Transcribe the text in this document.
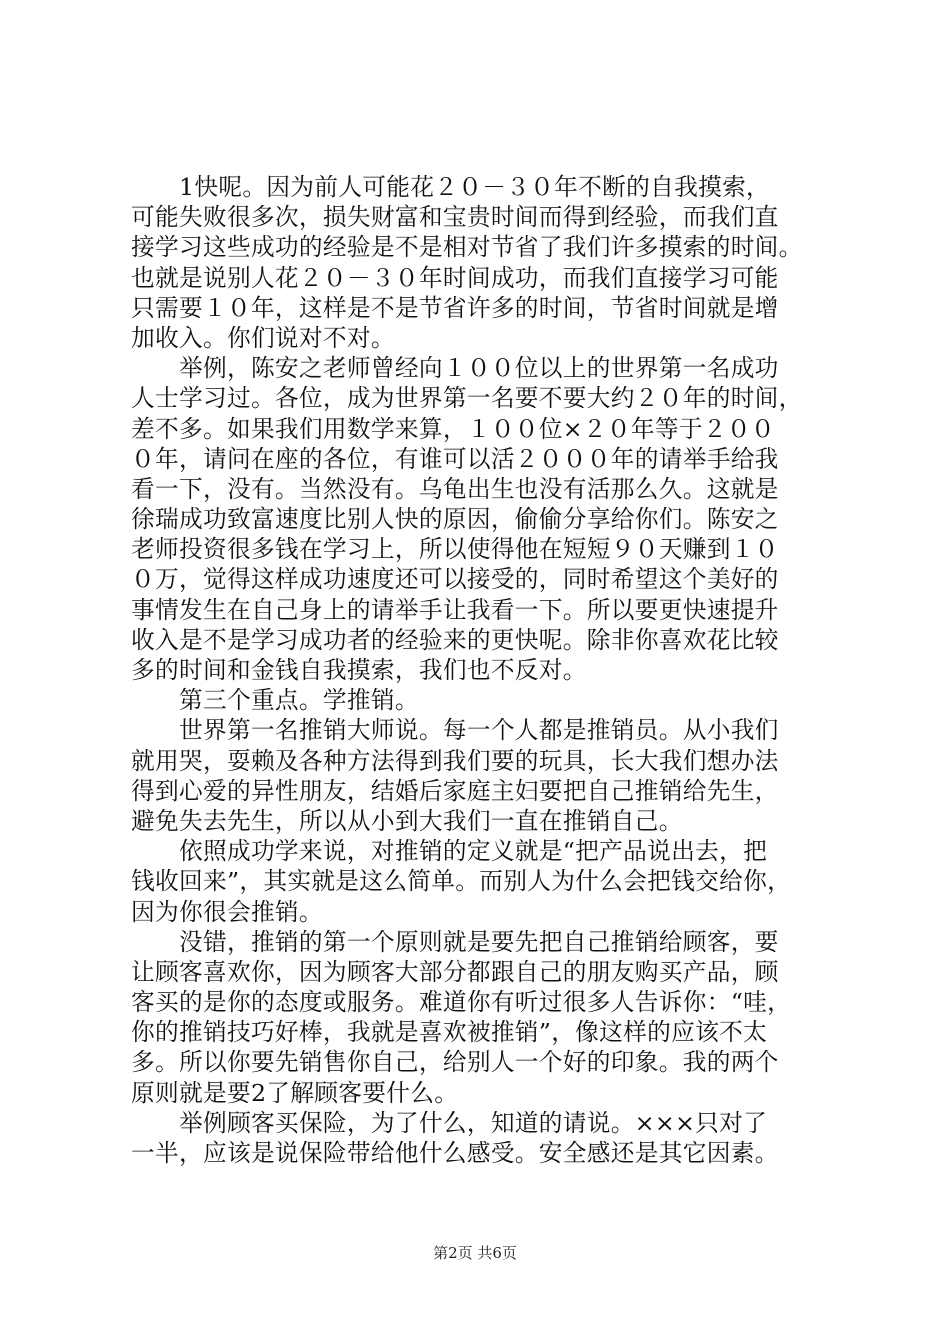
　　1快呢。因为前人可能花２０－３０年不断的自我摸索，
可能失败很多次，损失财富和宝贵时间而得到经验，而我们直
接学习这些成功的经验是不是相对节省了我们许多摸索的时间。
也就是说别人花２０－３０年时间成功，而我们直接学习可能
只需要１０年，这样是不是节省许多的时间，节省时间就是增
加收入。你们说对不对。
　　举例，陈安之老师曾经向１００位以上的世界第一名成功
人士学习过。各位，成为世界第一名要不要大约２０年的时间，
差不多。如果我们用数学来算，１００位×２０年等于２００
０年，请问在座的各位，有谁可以活２０００年的请举手给我
看一下，没有。当然没有。乌龟出生也没有活那么久。这就是
徐瑞成功致富速度比别人快的原因，偷偷分享给你们。陈安之
老师投资很多钱在学习上，所以使得他在短短９０天赚到１０
０万，觉得这样成功速度还可以接受的，同时希望这个美好的
事情发生在自己身上的请举手让我看一下。所以要更快速提升
收入是不是学习成功者的经验来的更快呢。除非你喜欢花比较
多的时间和金钱自我摸索，我们也不反对。
　　第三个重点。学推销。
　　世界第一名推销大师说。每一个人都是推销员。从小我们
就用哭，耍赖及各种方法得到我们要的玩具，长大我们想办法
得到心爱的异性朋友，结婚后家庭主妇要把自己推销给先生，
避免失去先生，所以从小到大我们一直在推销自己。
　　依照成功学来说，对推销的定义就是“把产品说出去，把
钱收回来”，其实就是这么简单。而别人为什么会把钱交给你，
因为你很会推销。
　　没错，推销的第一个原则就是要先把自己推销给顾客，要
让顾客喜欢你，因为顾客大部分都跟自己的朋友购买产品，顾
客买的是你的态度或服务。难道你有听过很多人告诉你：“哇，
你的推销技巧好棒，我就是喜欢被推销”，像这样的应该不太
多。所以你要先销售你自己，给别人一个好的印象。我的两个
原则就是要2了解顾客要什么。
　　举例顾客买保险，为了什么，知道的请说。×××只对了
一半，应该是说保险带给他什么感受。安全感还是其它因素。
第2页 共6页
